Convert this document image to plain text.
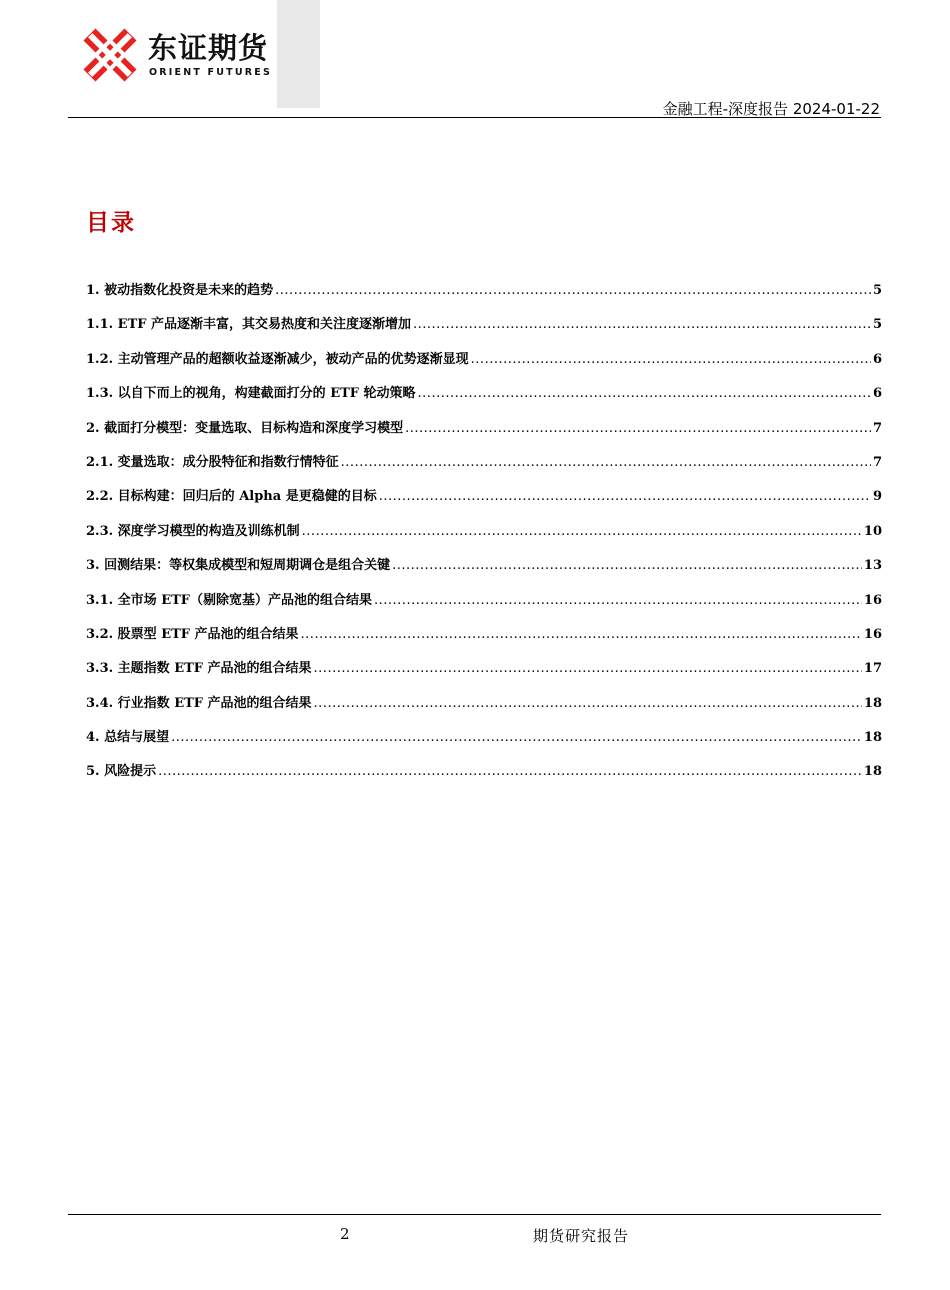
东证期货
ORIENT FUTURES
金融工程-深度报告 2024-01-22
目录
1. 被动指数化投资是未来的趋势 .....	5
1.1. ETF 产品逐渐丰富，其交易热度和关注度逐渐增加 .....	5
1.2. 主动管理产品的超额收益逐渐减少，被动产品的优势逐渐显现 .....	6
1.3. 以自下而上的视角，构建截面打分的 ETF 轮动策略 .....	6
2. 截面打分模型：变量选取、目标构造和深度学习模型 .....	7
2.1. 变量选取：成分股特征和指数行情特征 .....	7
2.2. 目标构建：回归后的 Alpha 是更稳健的目标 .....	9
2.3. 深度学习模型的构造及训练机制 .....	10
3. 回测结果：等权集成模型和短周期调仓是组合关键 .....	13
3.1. 全市场 ETF（剔除宽基）产品池的组合结果 .....	16
3.2. 股票型 ETF 产品池的组合结果 .....	16
3.3. 主题指数 ETF 产品池的组合结果 .....	17
3.4. 行业指数 ETF 产品池的组合结果 .....	18
4. 总结与展望 .....	18
5. 风险提示 .....	18
2	期货研究报告
